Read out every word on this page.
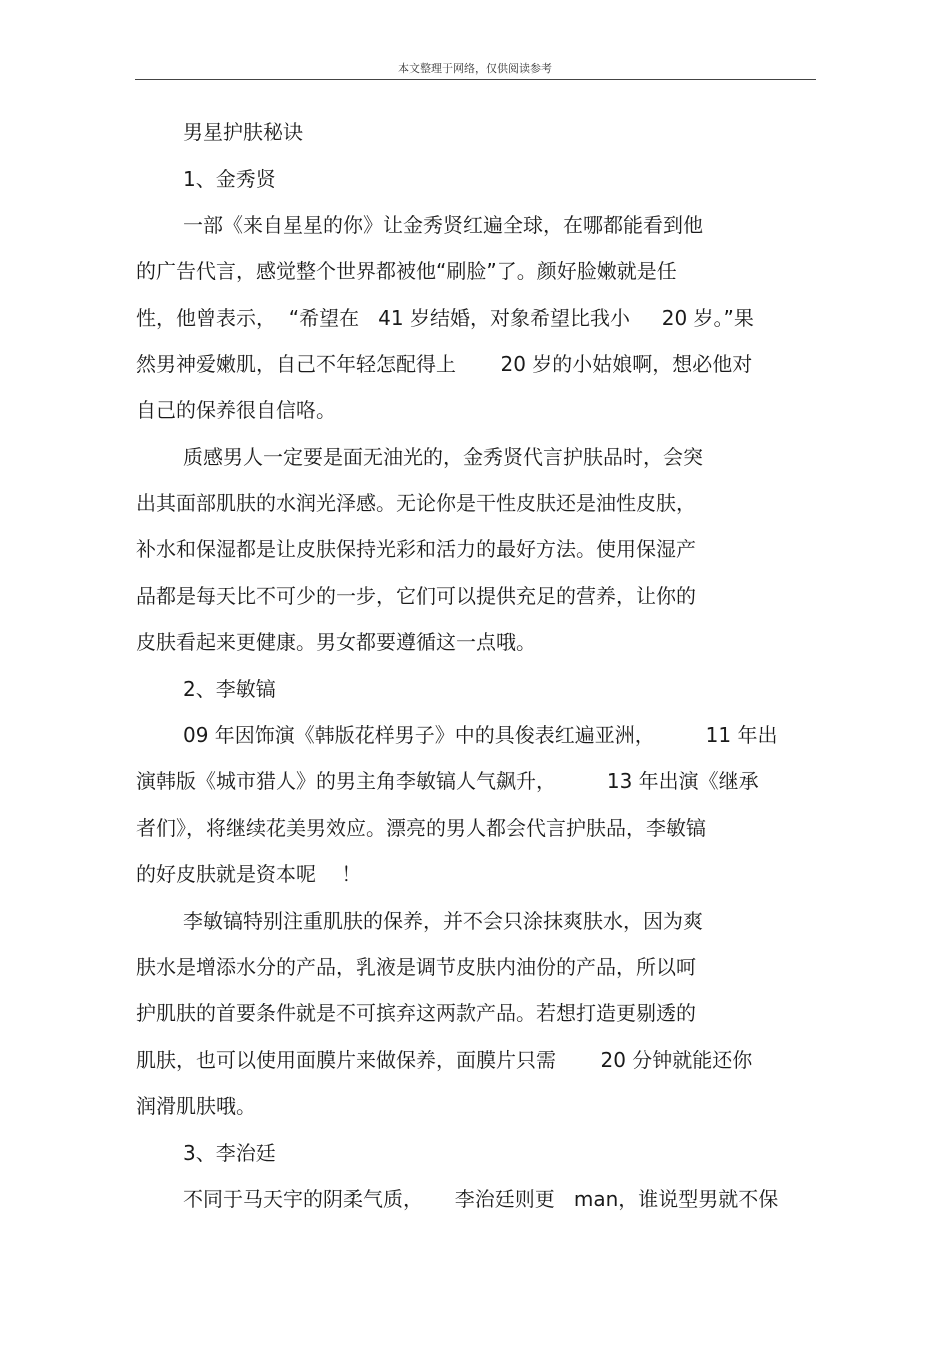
本文整理于网络，仅供阅读参考
男星护肤秘诀
1、金秀贤
一部《来自星星的你》让金秀贤红遍全球，在哪都能看到他
的广告代言，感觉整个世界都被他“刷脸”了。颜好脸嫩就是任
性，他曾表示，  “希望在   41 岁结婚，对象希望比我小     20 岁。”果
然男神爱嫩肌，自己不年轻怎配得上       20 岁的小姑娘啊，想必他对
自己的保养很自信咯。
质感男人一定要是面无油光的，金秀贤代言护肤品时，会突
出其面部肌肤的水润光泽感。无论你是干性皮肤还是油性皮肤，
补水和保湿都是让皮肤保持光彩和活力的最好方法。使用保湿产
品都是每天比不可少的一步，它们可以提供充足的营养，让你的
皮肤看起来更健康。男女都要遵循这一点哦。
2、李敏镐
09 年因饰演《韩版花样男子》中的具俊表红遍亚洲，        11 年出
演韩版《城市猎人》的男主角李敏镐人气飙升，        13 年出演《继承
者们》，将继续花美男效应。漂亮的男人都会代言护肤品，李敏镐
的好皮肤就是资本呢    ！
李敏镐特别注重肌肤的保养，并不会只涂抹爽肤水，因为爽
肤水是增添水分的产品，乳液是调节皮肤内油份的产品，所以呵
护肌肤的首要条件就是不可摈弃这两款产品。若想打造更剔透的
肌肤，也可以使用面膜片来做保养，面膜片只需       20 分钟就能还你
润滑肌肤哦。
3、李治廷
不同于马天宇的阴柔气质，     李治廷则更   man，谁说型男就不保
